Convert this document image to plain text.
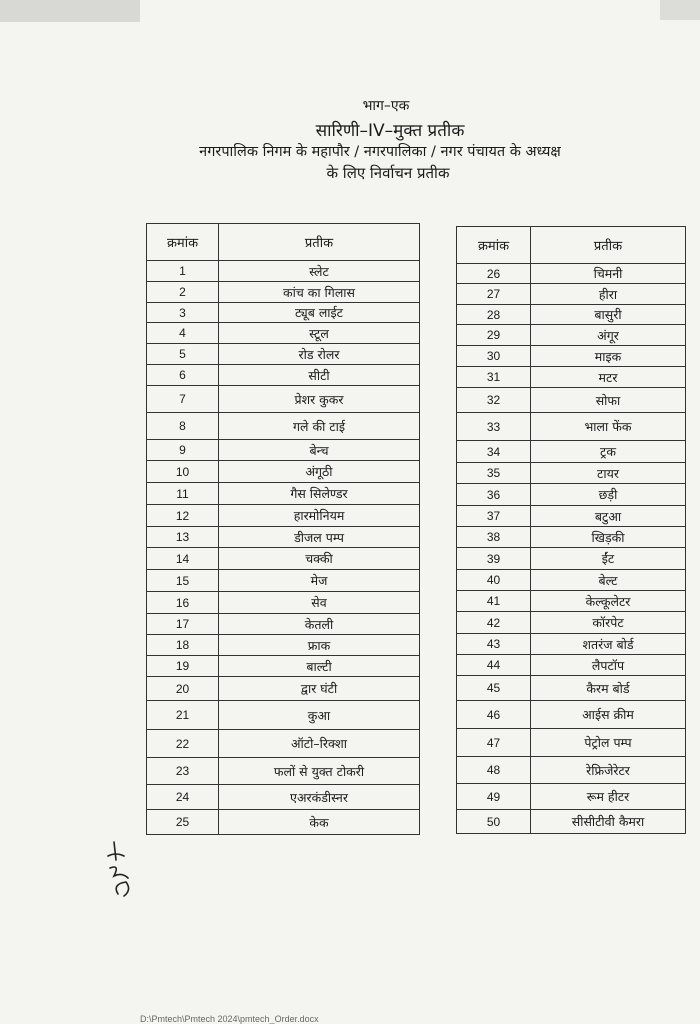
भाग–एक
सारिणी–IV–मुक्त प्रतीक
नगरपालिक निगम के महापौर / नगरपालिका / नगर पंचायत के अध्यक्ष
के लिए निर्वाचन प्रतीक
क्रमांक	प्रतीक
1	स्लेट
2	कांच का गिलास
3	ट्यूब लाईट
4	स्टूल
5	रोड रोलर
6	सीटी
7	प्रेशर कुकर
8	गले की टाई
9	बेन्च
10	अंगूठी
11	गैस सिलेण्डर
12	हारमोनियम
13	डीजल पम्प
14	चक्की
15	मेज
16	सेव
17	केतली
18	फ्राक
19	बाल्टी
20	द्वार घंटी
21	कुआ
22	ऑटो–रिक्शा
23	फलों से युक्त टोकरी
24	एअरकंडीस्नर
25	केक
क्रमांक	प्रतीक
26	चिमनी
27	हीरा
28	बासुरी
29	अंगूर
30	माइक
31	मटर
32	सोफा
33	भाला फेंक
34	ट्रक
35	टायर
36	छड़ी
37	बटुआ
38	खिड़की
39	ईंट
40	बेल्ट
41	केल्कूलेटर
42	कॉरपेट
43	शतरंज बोर्ड
44	लैपटॉप
45	कैरम बोर्ड
46	आईस क्रीम
47	पेट्रोल पम्प
48	रेफ्रिजेरेटर
49	रूम हीटर
50	सीसीटीवी कैमरा
D:\Pmtech\Pmtech 2024\pmtech_Order.docx
